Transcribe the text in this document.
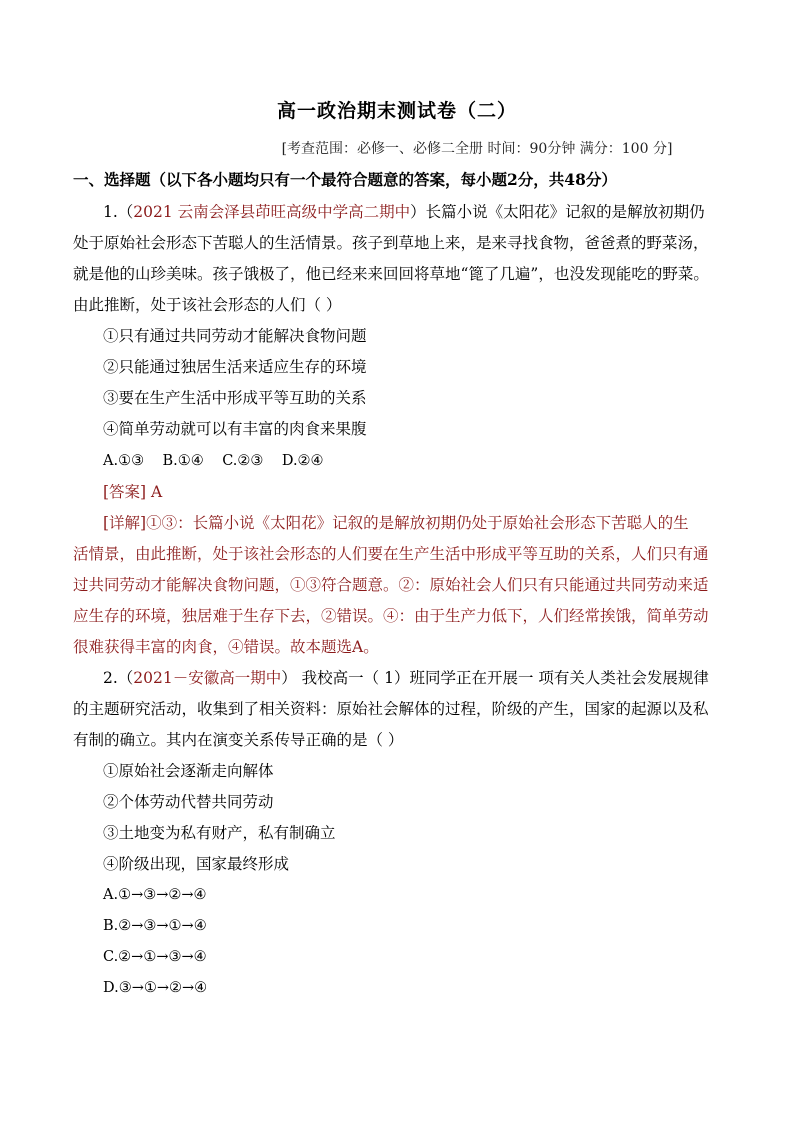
高一政治期末测试卷（二）
[考查范围：必修一、必修二全册 时间：90分钟 满分：100 分]
一、选择题（以下各小题均只有一个最符合题意的答案，每小题2分，共48分）
1.（2021 云南会泽县茚旺高级中学高二期中）长篇小说《太阳花》记叙的是解放初期仍
处于原始社会形态下苦聪人的生活情景。孩子到草地上来，是来寻找食物，爸爸煮的野菜汤，
就是他的山珍美味。孩子饿极了，他已经来来回回将草地“篦了几遍”，也没发现能吃的野菜。
由此推断，处于该社会形态的人们（ ）
①只有通过共同劳动才能解决食物问题
②只能通过独居生活来适应生存的环境
③要在生产生活中形成平等互助的关系
④简单劳动就可以有丰富的肉食来果腹
A.①③    B.①④    C.②③    D.②④
[答案] A
[详解]①③：长篇小说《太阳花》记叙的是解放初期仍处于原始社会形态下苦聪人的生
活情景，由此推断，处于该社会形态的人们要在生产生活中形成平等互助的关系，人们只有通
过共同劳动才能解决食物问题，①③符合题意。②：原始社会人们只有只能通过共同劳动来适
应生存的环境，独居难于生存下去，②错误。④：由于生产力低下，人们经常挨饿，简单劳动
很难获得丰富的肉食，④错误。故本题选A。
2.（2021－安徽高一期中） 我校高一（ 1）班同学正在开展一 项有关人类社会发展规律
的主题研究活动，收集到了相关资料：原始社会解体的过程，阶级的产生，国家的起源以及私
有制的确立。其内在演变关系传导正确的是（ ）
①原始社会逐渐走向解体
②个体劳动代替共同劳动
③土地变为私有财产，私有制确立
④阶级出现，国家最终形成
A.①→③→②→④
B.②→③→①→④
C.②→①→③→④
D.③→①→②→④
